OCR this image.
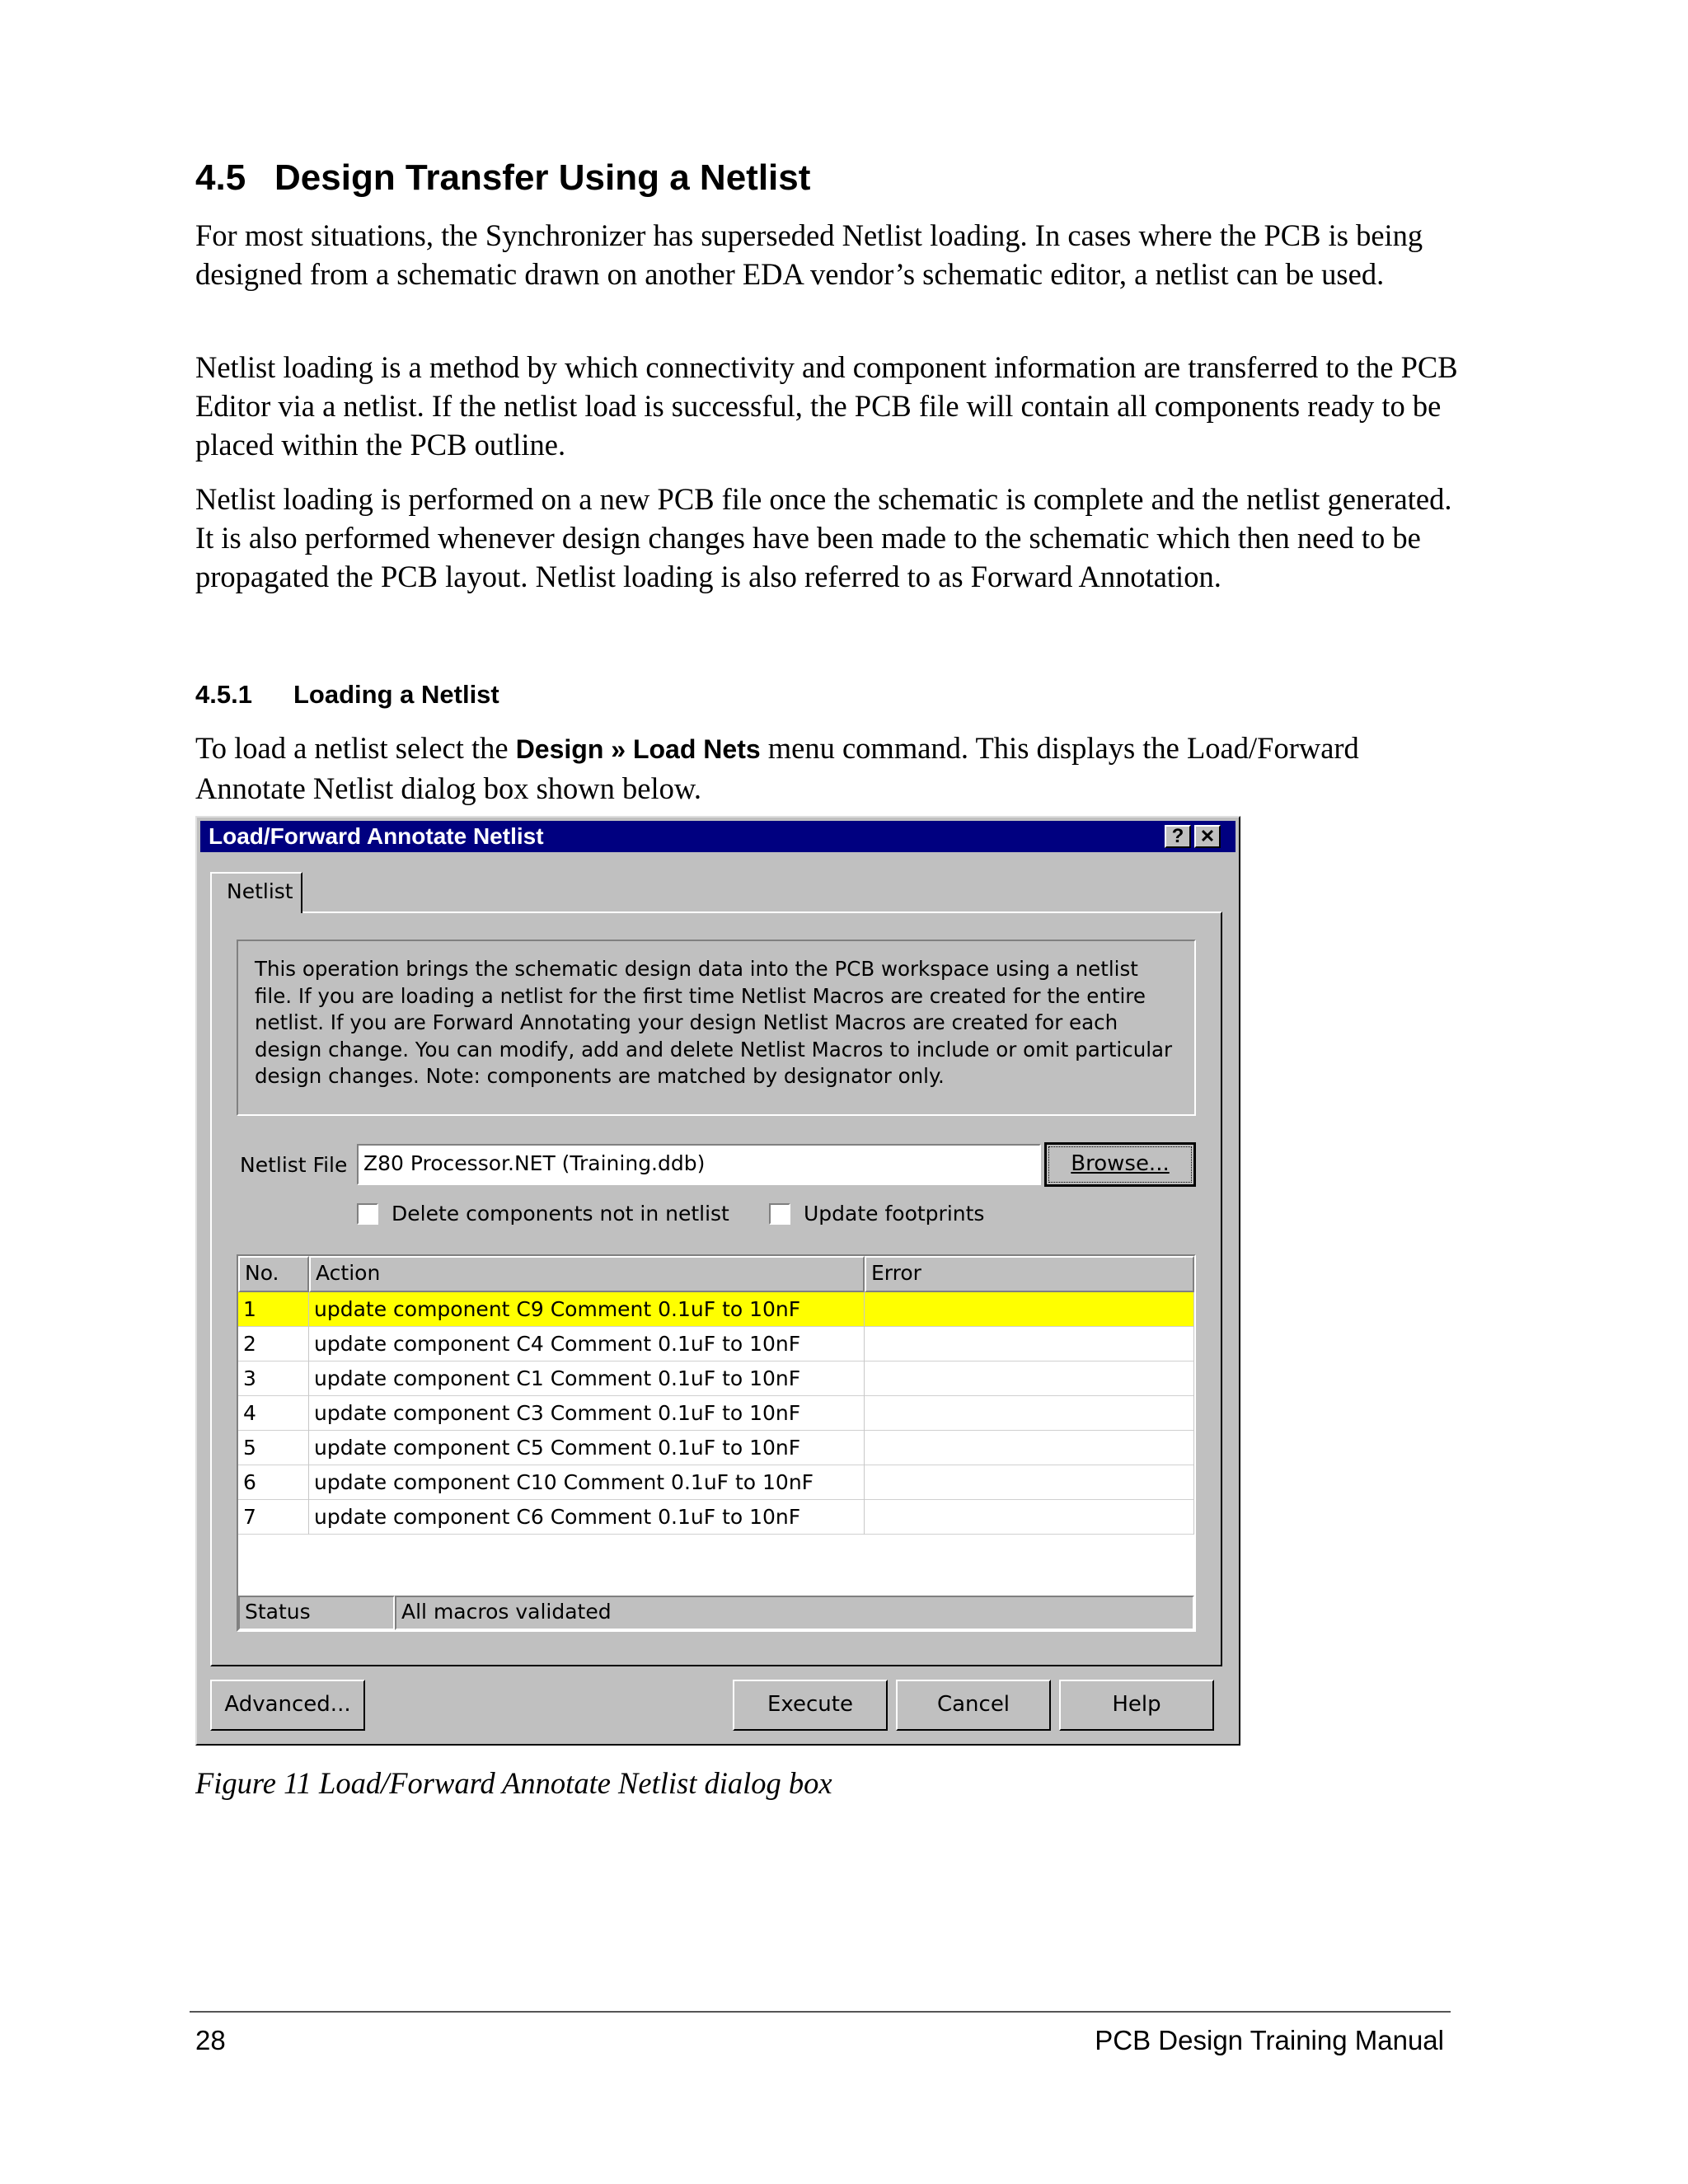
4.5 Design Transfer Using a Netlist

For most situations, the Synchronizer has superseded Netlist loading. In cases where the PCB is being designed from a schematic drawn on another EDA vendor’s schematic editor, a netlist can be used.

Netlist loading is a method by which connectivity and component information are transferred to the PCB Editor via a netlist. If the netlist load is successful, the PCB file will contain all components ready to be placed within the PCB outline.

Netlist loading is performed on a new PCB file once the schematic is complete and the netlist generated. It is also performed whenever design changes have been made to the schematic which then need to be propagated the PCB layout. Netlist loading is also referred to as Forward Annotation.

4.5.1 Loading a Netlist

To load a netlist select the Design » Load Nets menu command. This displays the Load/Forward Annotate Netlist dialog box shown below.

Load/Forward Annotate Netlist	? ✕
Netlist
This operation brings the schematic design data into the PCB workspace using a netlist file. If you are loading a netlist for the first time Netlist Macros are created for the entire netlist. If you are Forward Annotating your design Netlist Macros are created for each design change. You can modify, add and delete Netlist Macros to include or omit particular design changes. Note: components are matched by designator only.
Netlist File Z80 Processor.NET (Training.ddb)	Browse...
Delete components not in netlist	Update footprints
No.	Action	Error
1	update component C9 Comment 0.1uF to 10nF
2	update component C4 Comment 0.1uF to 10nF
3	update component C1 Comment 0.1uF to 10nF
4	update component C3 Comment 0.1uF to 10nF
5	update component C5 Comment 0.1uF to 10nF
6	update component C10 Comment 0.1uF to 10nF
7	update component C6 Comment 0.1uF to 10nF
Status	All macros validated
Advanced...	Execute	Cancel	Help
Figure 11 Load/Forward Annotate Netlist dialog box
28	PCB Design Training Manual
